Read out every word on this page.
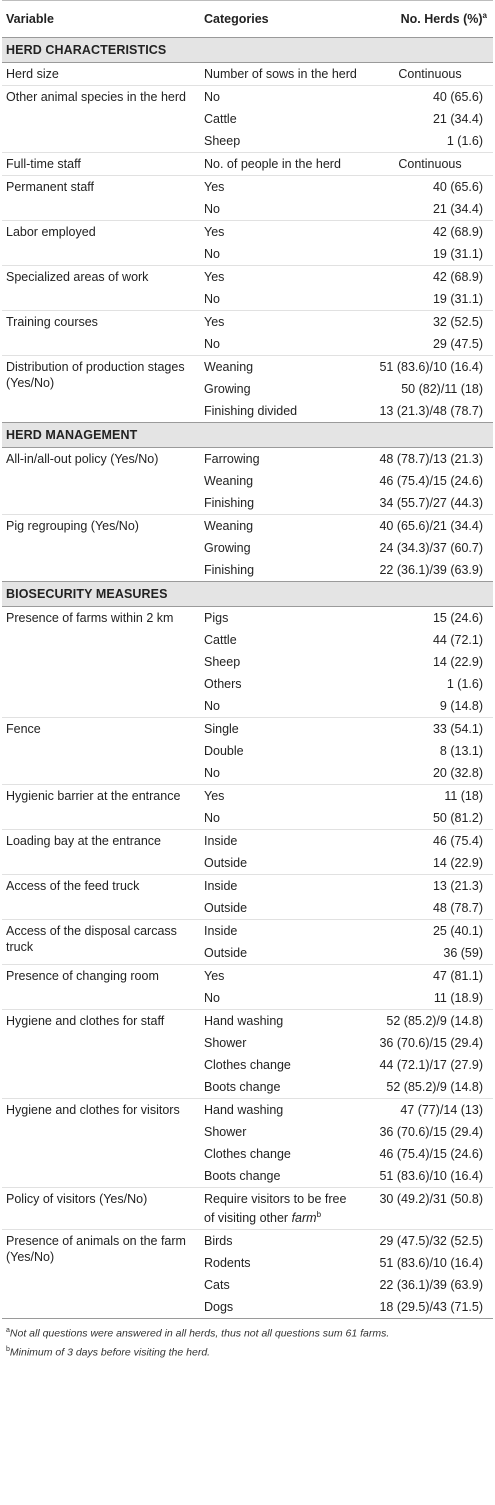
Variable	Categories	No. Herds (%)$^a$
HERD CHARACTERISTICS		
Herd size	Number of sows in the herd	Continuous
Other animal species in the herd	No	40 (65.6)
	Cattle	21 (34.4)
	Sheep	1 (1.6)
Full-time staff	No. of people in the herd	Continuous
Permanent staff	Yes	40 (65.6)
	No	21 (34.4)
Labor employed	Yes	42 (68.9)
	No	19 (31.1)
Specialized areas of work	Yes	42 (68.9)
	No	19 (31.1)
Training courses	Yes	32 (52.5)
	No	29 (47.5)
Distribution of production stages (Yes/No)	Weaning	51 (83.6)/10 (16.4)
	Growing	50 (82)/11 (18)
	Finishing divided	13 (21.3)/48 (78.7)
HERD MANAGEMENT		
All-in/all-out policy (Yes/No)	Farrowing	48 (78.7)/13 (21.3)
	Weaning	46 (75.4)/15 (24.6)
	Finishing	34 (55.7)/27 (44.3)
Pig regrouping (Yes/No)	Weaning	40 (65.6)/21 (34.4)
	Growing	24 (34.3)/37 (60.7)
	Finishing	22 (36.1)/39 (63.9)
BIOSECURITY MEASURES		
Presence of farms within 2 km	Pigs	15 (24.6)
	Cattle	44 (72.1)
	Sheep	14 (22.9)
	Others	1 (1.6)
	No	9 (14.8)
Fence	Single	33 (54.1)
	Double	8 (13.1)
	No	20 (32.8)
Hygienic barrier at the entrance	Yes	11 (18)
	No	50 (81.2)
Loading bay at the entrance	Inside	46 (75.4)
	Outside	14 (22.9)
Access of the feed truck	Inside	13 (21.3)
	Outside	48 (78.7)
Access of the disposal carcass truck	Inside	25 (40.1)
	Outside	36 (59)
Presence of changing room	Yes	47 (81.1)
	No	11 (18.9)
Hygiene and clothes for staff	Hand washing	52 (85.2)/9 (14.8)
	Shower	36 (70.6)/15 (29.4)
	Clothes change	44 (72.1)/17 (27.9)
	Boots change	52 (85.2)/9 (14.8)
Hygiene and clothes for visitors	Hand washing	47 (77)/14 (13)
	Shower	36 (70.6)/15 (29.4)
	Clothes change	46 (75.4)/15 (24.6)
	Boots change	51 (83.6)/10 (16.4)
Policy of visitors (Yes/No)	Require visitors to be free of visiting other farm$^b$	30 (49.2)/31 (50.8)
Presence of animals on the farm (Yes/No)	Birds	29 (47.5)/32 (52.5)
	Rodents	51 (83.6)/10 (16.4)
	Cats	22 (36.1)/39 (63.9)
	Dogs	18 (29.5)/43 (71.5)
$^a$Not all questions were answered in all herds, thus not all questions sum 61 farms.
$^b$Minimum of 3 days before visiting the herd.
